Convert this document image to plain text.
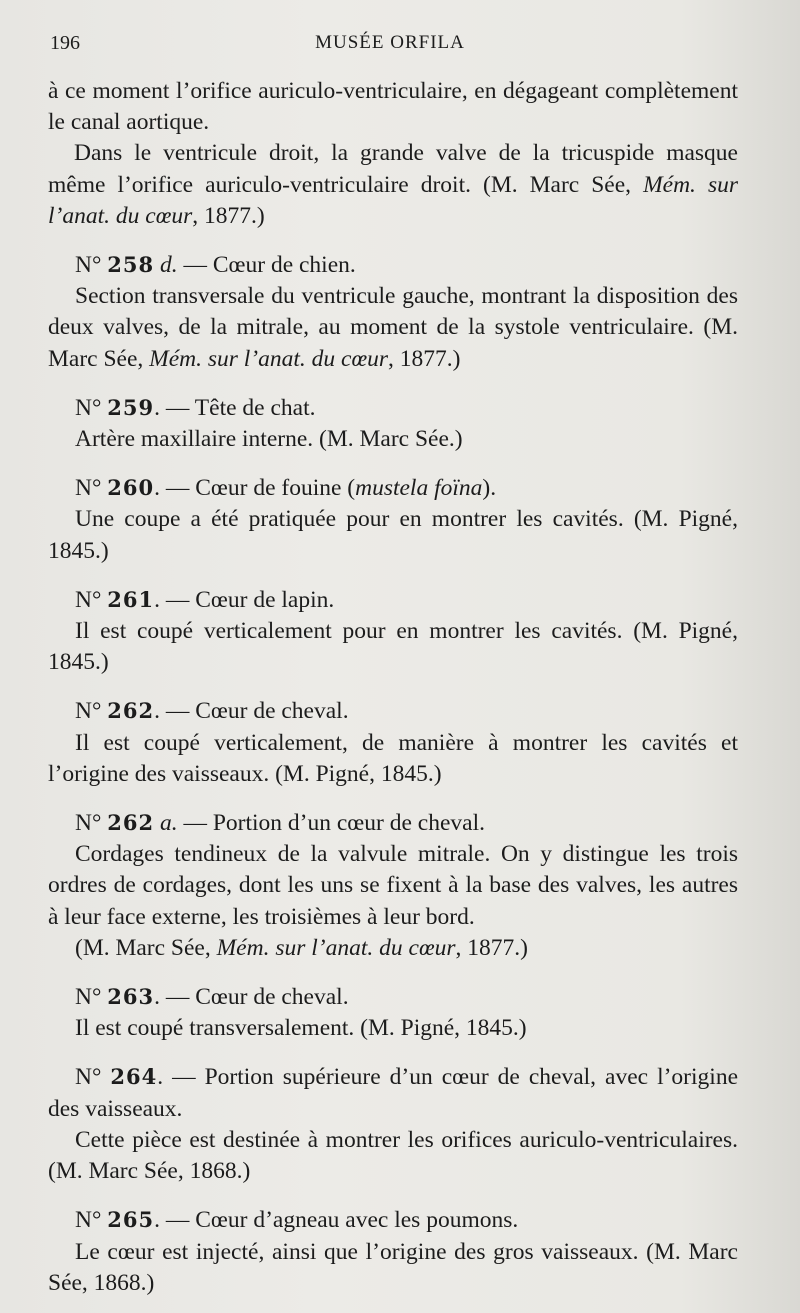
196	MUSÉE ORFILA

à ce moment l’orifice auriculo-ventriculaire, en dégageant complètement le canal aortique.

Dans le ventricule droit, la grande valve de la tricuspide masque même l’orifice auriculo-ventriculaire droit. (M. Marc Sée, Mém. sur l’anat. du cœur, 1877.)

N° 258 d. — Cœur de chien.

Section transversale du ventricule gauche, montrant la disposition des deux valves, de la mitrale, au moment de la systole ventriculaire. (M. Marc Sée, Mém. sur l’anat. du cœur, 1877.)

N° 259. — Tête de chat.

Artère maxillaire interne. (M. Marc Sée.)

N° 260. — Cœur de fouine (mustela foïna).

Une coupe a été pratiquée pour en montrer les cavités. (M. Pigné, 1845.)

N° 261. — Cœur de lapin.

Il est coupé verticalement pour en montrer les cavités. (M. Pigné, 1845.)

N° 262. — Cœur de cheval.

Il est coupé verticalement, de manière à montrer les cavités et l’origine des vaisseaux. (M. Pigné, 1845.)

N° 262 a. — Portion d’un cœur de cheval.

Cordages tendineux de la valvule mitrale. On y distingue les trois ordres de cordages, dont les uns se fixent à la base des valves, les autres à leur face externe, les troisièmes à leur bord.

(M. Marc Sée, Mém. sur l’anat. du cœur, 1877.)

N° 263. — Cœur de cheval.

Il est coupé transversalement. (M. Pigné, 1845.)

N° 264. — Portion supérieure d’un cœur de cheval, avec l’origine des vaisseaux.

Cette pièce est destinée à montrer les orifices auriculo-ventriculaires. (M. Marc Sée, 1868.)

N° 265. — Cœur d’agneau avec les poumons.

Le cœur est injecté, ainsi que l’origine des gros vaisseaux. (M. Marc Sée, 1868.)
